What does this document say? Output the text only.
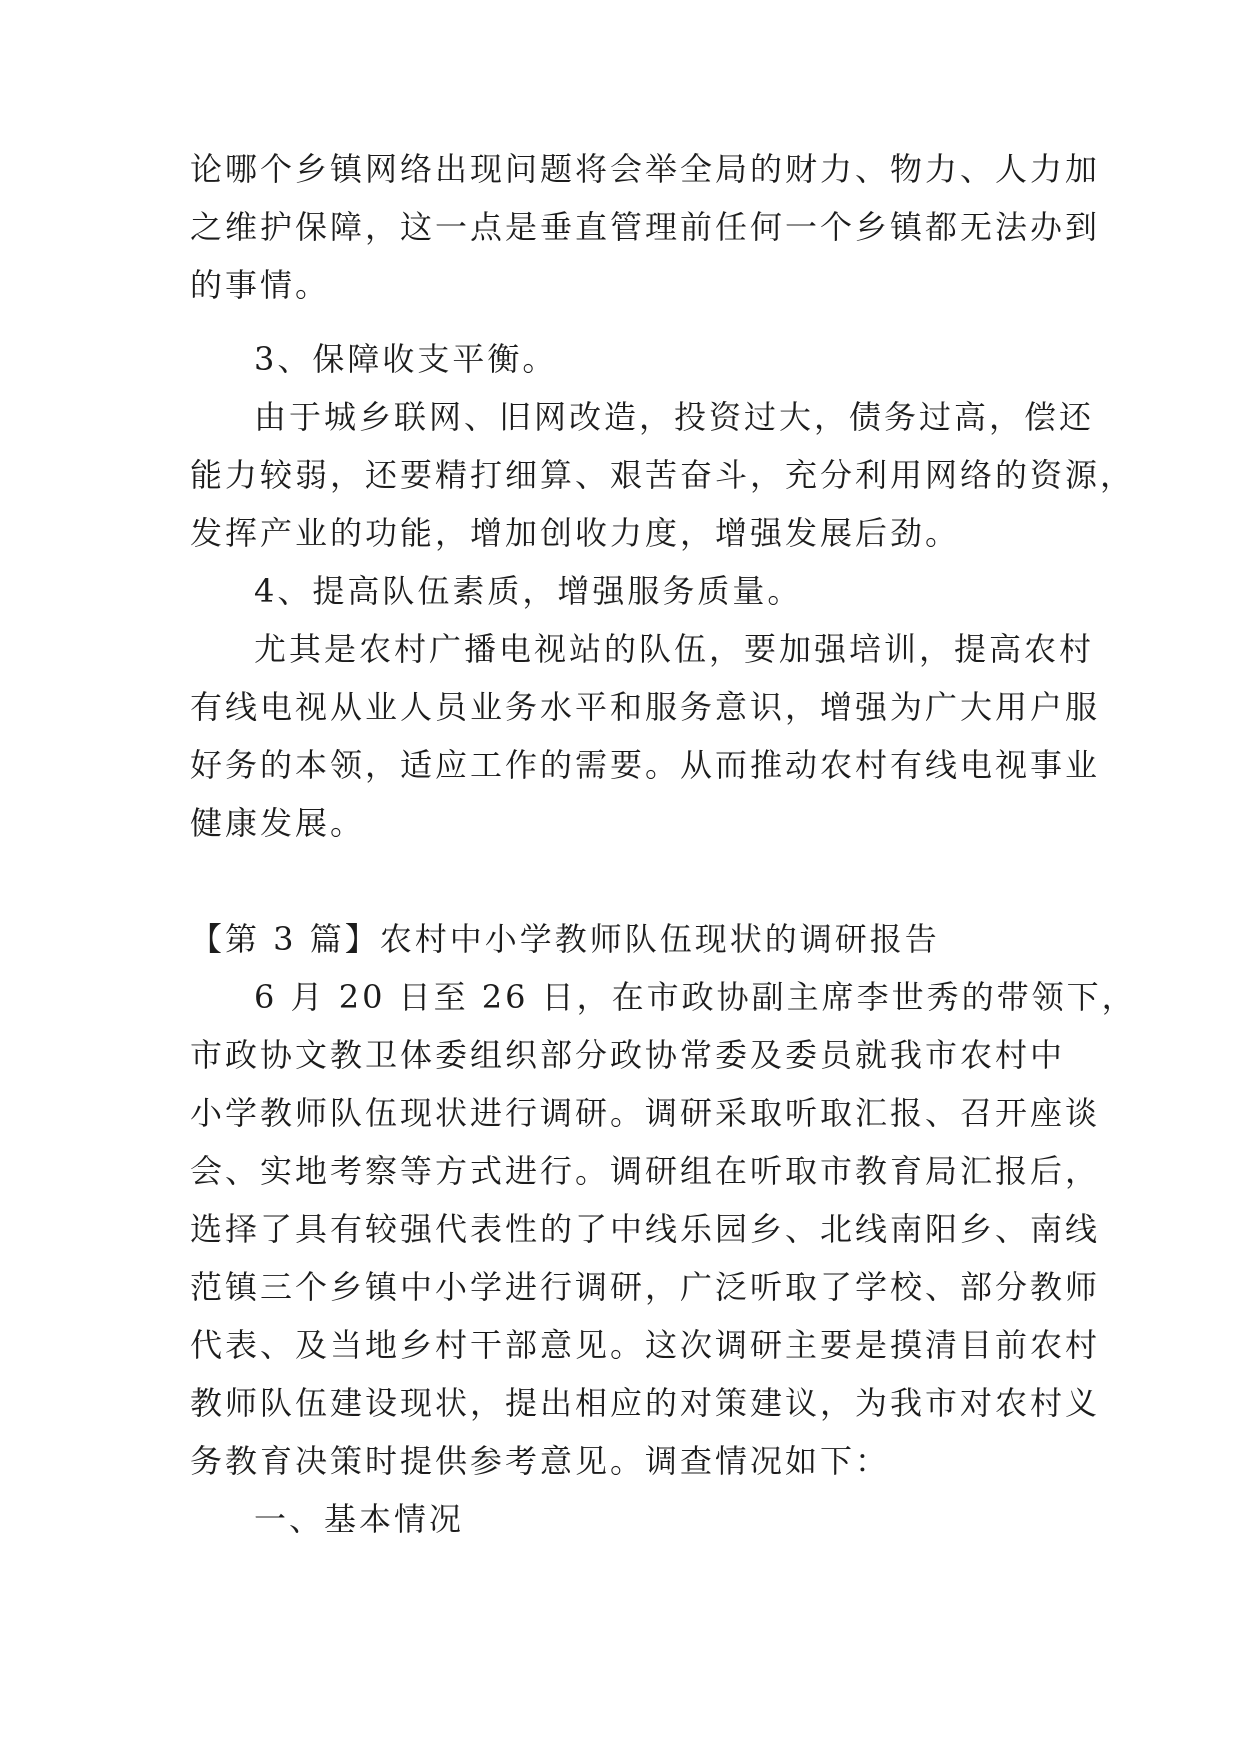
论哪个乡镇网络出现问题将会举全局的财力、物力、人力加
之维护保障，这一点是垂直管理前任何一个乡镇都无法办到
的事情。
3、保障收支平衡。
由于城乡联网、旧网改造，投资过大，债务过高，偿还
能力较弱，还要精打细算、艰苦奋斗，充分利用网络的资源，
发挥产业的功能，增加创收力度，增强发展后劲。
4、提高队伍素质，增强服务质量。
尤其是农村广播电视站的队伍，要加强培训，提高农村
有线电视从业人员业务水平和服务意识，增强为广大用户服
好务的本领，适应工作的需要。从而推动农村有线电视事业
健康发展。
【第 3 篇】农村中小学教师队伍现状的调研报告
6 月 20 日至 26 日，在市政协副主席李世秀的带领下，
市政协文教卫体委组织部分政协常委及委员就我市农村中
小学教师队伍现状进行调研。调研采取听取汇报、召开座谈
会、实地考察等方式进行。调研组在听取市教育局汇报后，
选择了具有较强代表性的了中线乐园乡、北线南阳乡、南线
范镇三个乡镇中小学进行调研，广泛听取了学校、部分教师
代表、及当地乡村干部意见。这次调研主要是摸清目前农村
教师队伍建设现状，提出相应的对策建议，为我市对农村义
务教育决策时提供参考意见。调查情况如下：
一、基本情况
